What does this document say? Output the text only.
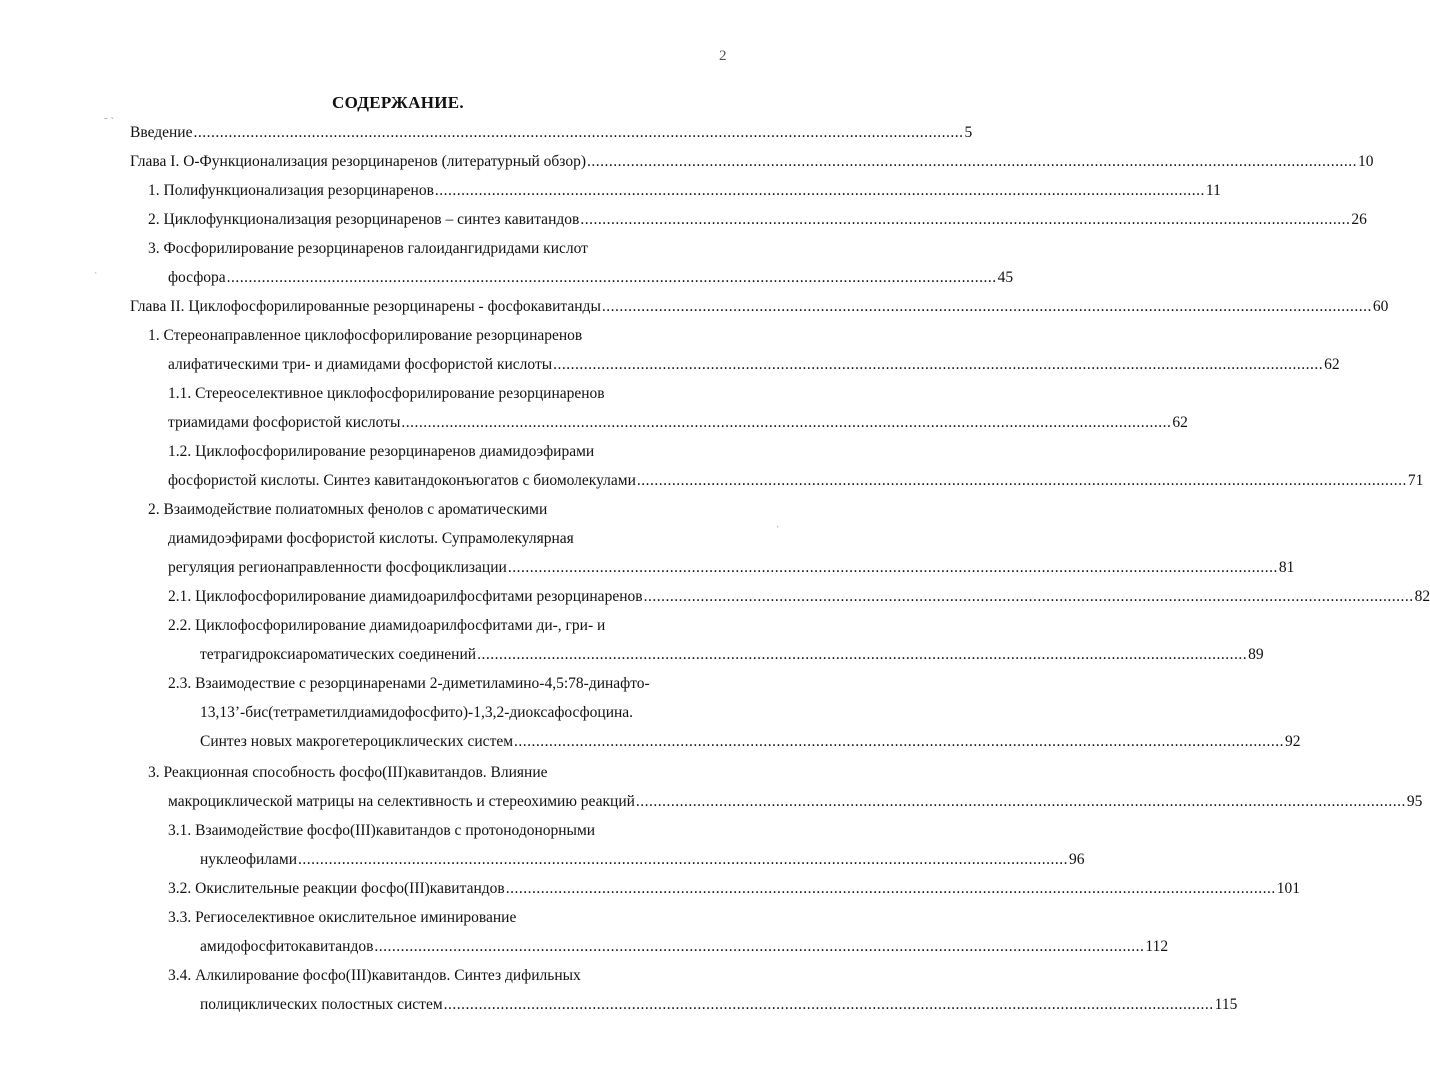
2
СОДЕРЖАНИЕ.
˜ ˋ
ˈ
ˈ
Введение ................................................................................................................................................................................ 5
Глава I. О-Функционализация резорцинаренов (литературный обзор) ................................................................................................................................................................................ 10
1. Полифункционализация резорцинаренов ................................................................................................................................................................................ 11
2. Циклофункционализация резорцинаренов – синтез кавитандов ................................................................................................................................................................................ 26
3. Фосфорилирование резорцинаренов галоидангидридами кислот
фосфора ................................................................................................................................................................................ 45
Глава II. Циклофосфорилированные резорцинарены - фосфокавитанды ................................................................................................................................................................................ 60
1. Стереонаправленное циклофосфорилирование резорцинаренов
алифатическими три- и диамидами фосфористой кислоты ................................................................................................................................................................................ 62
1.1. Стереоселективное циклофосфорилирование резорцинаренов
триамидами фосфористой кислоты ................................................................................................................................................................................ 62
1.2. Циклофосфорилирование резорцинаренов диамидоэфирами
фосфористой кислоты. Синтез кавитандоконъюгатов с биомолекулами ................................................................................................................................................................................ 71
2. Взаимодействие полиатомных фенолов с ароматическими
диамидоэфирами фосфористой кислоты. Супрамолекулярная
регуляция регионаправленности фосфоциклизации ................................................................................................................................................................................ 81
2.1. Циклофосфорилирование диамидоарилфосфитами резорцинаренов ................................................................................................................................................................................ 82
2.2. Циклофосфорилирование диамидоарилфосфитами ди-, гри- и
тетрагидроксиароматических соединений ................................................................................................................................................................................ 89
2.3. Взаимодествие с резорцинаренами 2-диметиламино-4,5:78-динафто-
13,13’-бис(тетраметилдиамидофосфито)-1,3,2-диоксафосфоцина.
Синтез новых макрогетероциклических систем ................................................................................................................................................................................ 92
3. Реакционная способность фосфо(III)кавитандов. Влияние
макроциклической матрицы на селективность и стереохимию реакций ................................................................................................................................................................................ 95
3.1. Взаимодействие фосфо(III)кавитандов с протонодонорными
нуклеофилами ................................................................................................................................................................................ 96
3.2. Окислительные реакции фосфо(III)кавитандов ................................................................................................................................................................................ 101
3.3. Региоселективное окислительное иминирование
амидофосфитокавитандов ................................................................................................................................................................................ 112
3.4. Алкилирование фосфо(III)кавитандов. Синтез дифильных
полициклических полостных систем ................................................................................................................................................................................ 115
